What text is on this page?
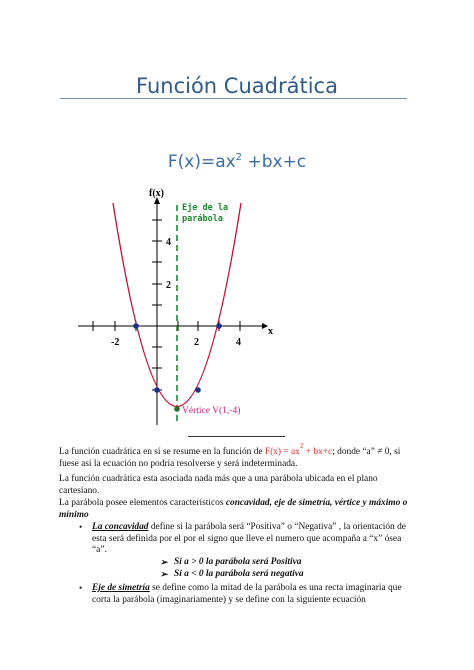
Función Cuadrática
$F(x)=ax^2 +bx+c$
-2	2	4
4
2
f(x)
x
Eje de la
parábola
Vértice V(1,-4)
La función cuadrática en sí se resume en la función de $F(x) = ax^2 + bx+c$; donde “a” ≠ 0, si fuese así la ecuación no podría resolverse y será indeterminada.
La función cuadrática esta asociada nada más que a una parábola ubicada en el plano cartesiano.
La parábola posee elementos característicos concavidad, eje de simetría, vértice y máximo o mínimo
• La concavidad define si la parábola será “Positiva” o “Negativa” , la orientación de esta será definida por el por el signo que lleve el numero que acompaña a “x” ósea “a”.
➢ Si a > 0 la parábola será Positiva
➢ Si a < 0 la parábola será negativa
• Eje de simetría se define como la mitad de la parábola es una recta imaginaria que corta la parábola (imaginariamente) y se define con la siguiente ecuación
